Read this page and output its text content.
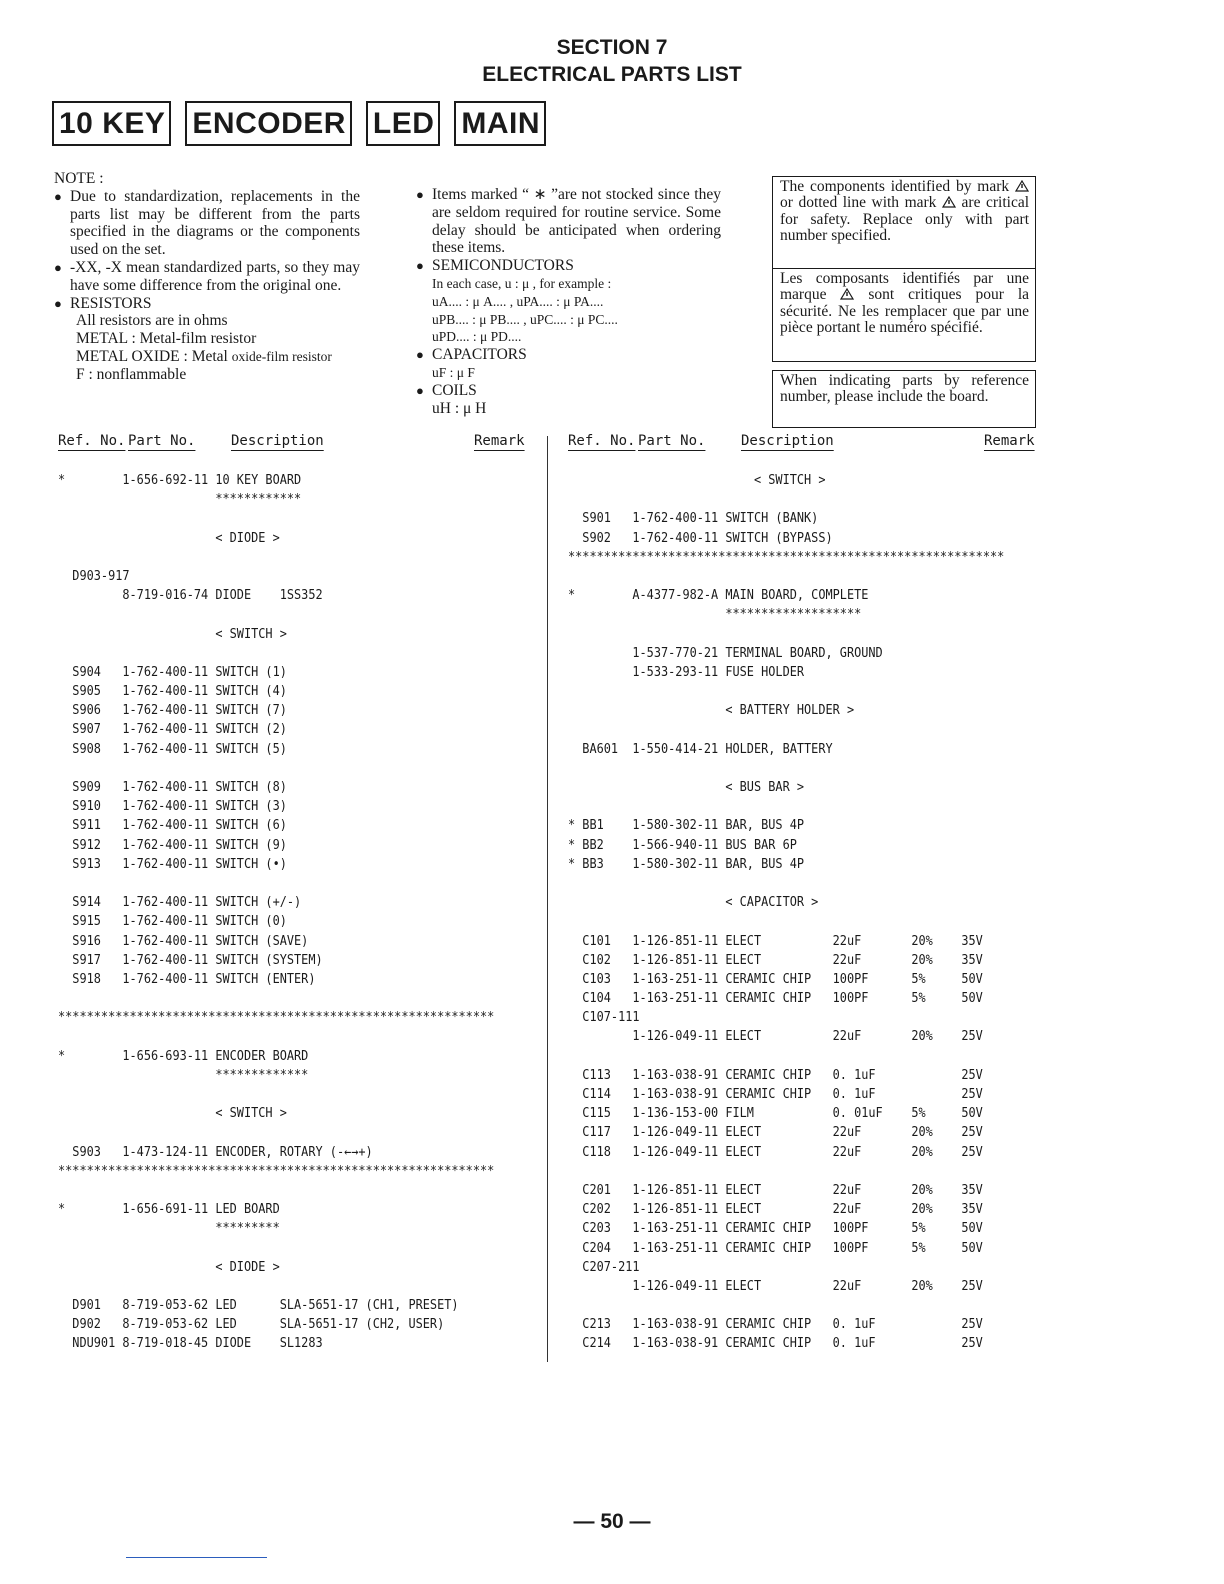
SECTION 7
ELECTRICAL PARTS LIST
10 KEY ENCODER LED MAIN

NOTE :

● Due to standardization, replacements in the parts list may be different from the parts specified in the diagrams or the components used on the set.
● -XX, -X mean standardized parts, so they may have some difference from the original one.
● RESISTORS

All resistors are in ohms

METAL : Metal-film resistor

METAL OXIDE : Metal oxide-film resistor

F : nonflammable

● Items marked “ ∗ ”are not stocked since they are seldom required for routine service. Some delay should be anticipated when ordering these items.
● SEMICONDUCTORS

In each case, u : μ , for example :

uA.... : μ A.... , uPA.... : μ PA....

uPB.... : μ PB.... , uPC.... : μ PC....

uPD.... : μ PD....

● CAPACITORS

uF : μ F

● COILS

uH : μ H

The components identified by mark  or dotted line with mark are critical for safety. Replace only with part number specified.
Les composants identifiés par une marque	sont critiques pour la sécurité. Ne les remplacer que par une pièce portant le numéro spécifié.
When indicating parts by reference number, please include the board.
Ref. No. Part No.	Description	Remark	Ref. No. Part No.	Description	Remark
*        1-656-692-11 10 KEY BOARD
************
< DIODE >
D903-917
8-719-016-74 DIODE    1SS352
< SWITCH >
S904   1-762-400-11 SWITCH (1)
S905   1-762-400-11 SWITCH (4)
S906   1-762-400-11 SWITCH (7)
S907   1-762-400-11 SWITCH (2)
S908   1-762-400-11 SWITCH (5)
S909   1-762-400-11 SWITCH (8)
S910   1-762-400-11 SWITCH (3)
S911   1-762-400-11 SWITCH (6)
S912   1-762-400-11 SWITCH (9)
S913   1-762-400-11 SWITCH (•)
S914   1-762-400-11 SWITCH (+/-)
S915   1-762-400-11 SWITCH (0)
S916   1-762-400-11 SWITCH (SAVE)
S917   1-762-400-11 SWITCH (SYSTEM)
S918   1-762-400-11 SWITCH (ENTER)
*************************************************************
*        1-656-693-11 ENCODER BOARD
*************
< SWITCH >
S903   1-473-124-11 ENCODER, ROTARY (-←→+)
*************************************************************
*        1-656-691-11 LED BOARD
*********
< DIODE >
D901   8-719-053-62 LED      SLA-5651-17 (CH1, PRESET)
D902   8-719-053-62 LED      SLA-5651-17 (CH2, USER)
NDU901 8-719-018-45 DIODE    SL1283
< SWITCH >
S901   1-762-400-11 SWITCH (BANK)
S902   1-762-400-11 SWITCH (BYPASS)
*************************************************************
*        A-4377-982-A MAIN BOARD, COMPLETE
*******************
1-537-770-21 TERMINAL BOARD, GROUND
1-533-293-11 FUSE HOLDER
< BATTERY HOLDER >
BA601  1-550-414-21 HOLDER, BATTERY
< BUS BAR >
* BB1    1-580-302-11 BAR, BUS 4P
* BB2    1-566-940-11 BUS BAR 6P
* BB3    1-580-302-11 BAR, BUS 4P
< CAPACITOR >
C101   1-126-851-11 ELECT          22uF       20%    35V
C102   1-126-851-11 ELECT          22uF       20%    35V
C103   1-163-251-11 CERAMIC CHIP   100PF      5%     50V
C104   1-163-251-11 CERAMIC CHIP   100PF      5%     50V
C107-111
1-126-049-11 ELECT          22uF       20%    25V
C113   1-163-038-91 CERAMIC CHIP   0. 1uF            25V
C114   1-163-038-91 CERAMIC CHIP   0. 1uF            25V
C115   1-136-153-00 FILM           0. 01uF    5%     50V
C117   1-126-049-11 ELECT          22uF       20%    25V
C118   1-126-049-11 ELECT          22uF       20%    25V
C201   1-126-851-11 ELECT          22uF       20%    35V
C202   1-126-851-11 ELECT          22uF       20%    35V
C203   1-163-251-11 CERAMIC CHIP   100PF      5%     50V
C204   1-163-251-11 CERAMIC CHIP   100PF      5%     50V
C207-211
1-126-049-11 ELECT          22uF       20%    25V
C213   1-163-038-91 CERAMIC CHIP   0. 1uF            25V
C214   1-163-038-91 CERAMIC CHIP   0. 1uF            25V
— 50 —
